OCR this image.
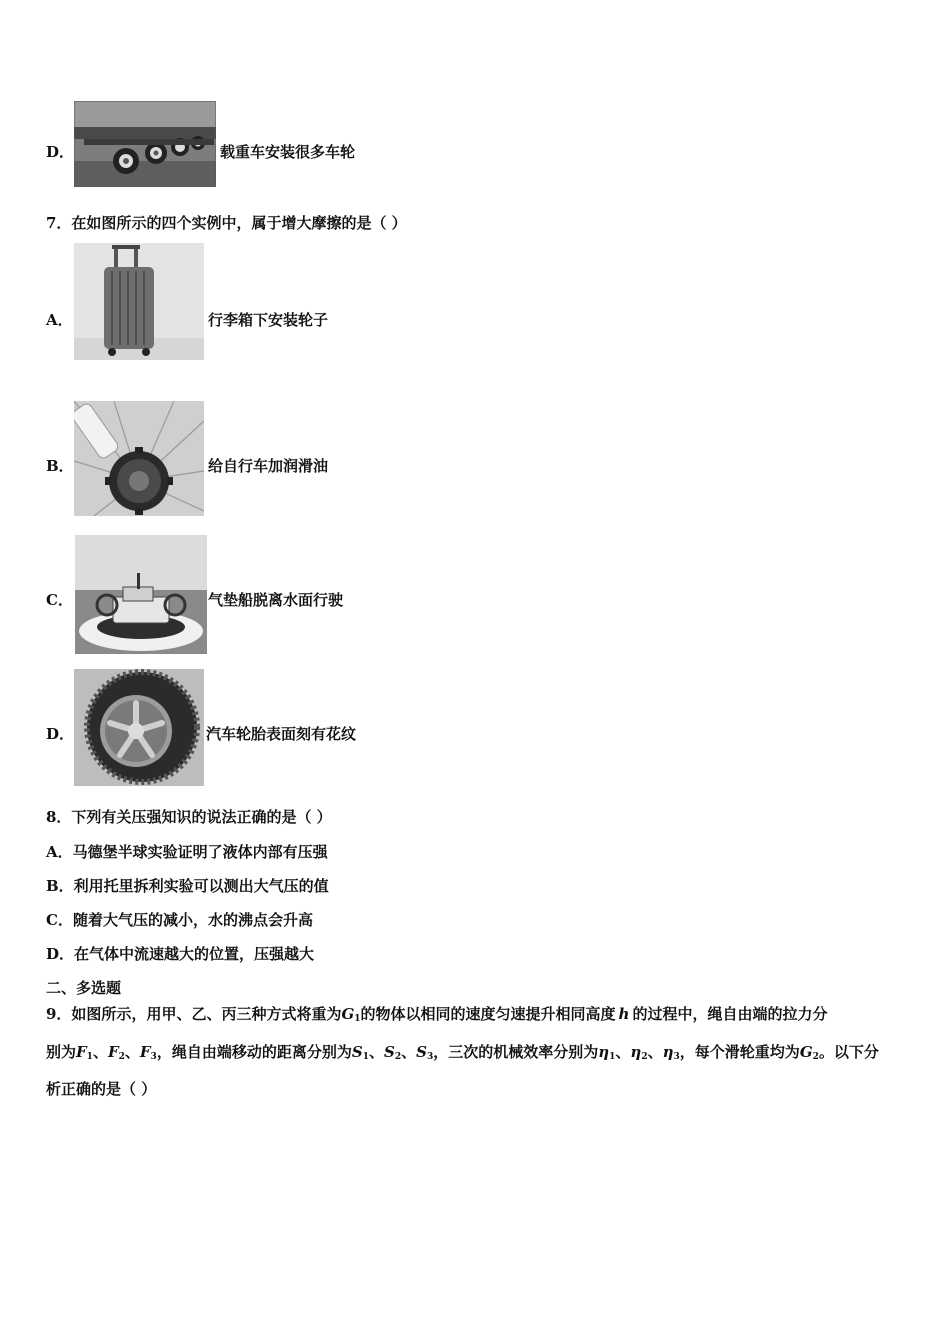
D．	载重车安装很多车轮
7．在如图所示的四个实例中，属于增大摩擦的是（ ）
A．	行李箱下安装轮子
B．	给自行车加润滑油
C．	气垫船脱离水面行驶
D．	汽车轮胎表面刻有花纹
8．下列有关压强知识的说法正确的是（ ）
A．马德堡半球实验证明了液体内部有压强
B．利用托里拆利实验可以测出大气压的值
C．随着大气压的减小，水的沸点会升高
D．在气体中流速越大的位置，压强越大
二、多选题
9．如图所示，用甲、乙、丙三种方式将重为$G_1$的物体以相同的速度匀速提升相同高度 h 的过程中，绳自由端的拉力分
别为$F_1$、$F_2$、$F_3$，绳自由端移动的距离分别为$S_1$、$S_2$、$S_3$，三次的机械效率分别为$\eta_1$、$\eta_2$、$\eta_3$，每个滑轮重均为$G_2$。以下分
析正确的是（ ）
